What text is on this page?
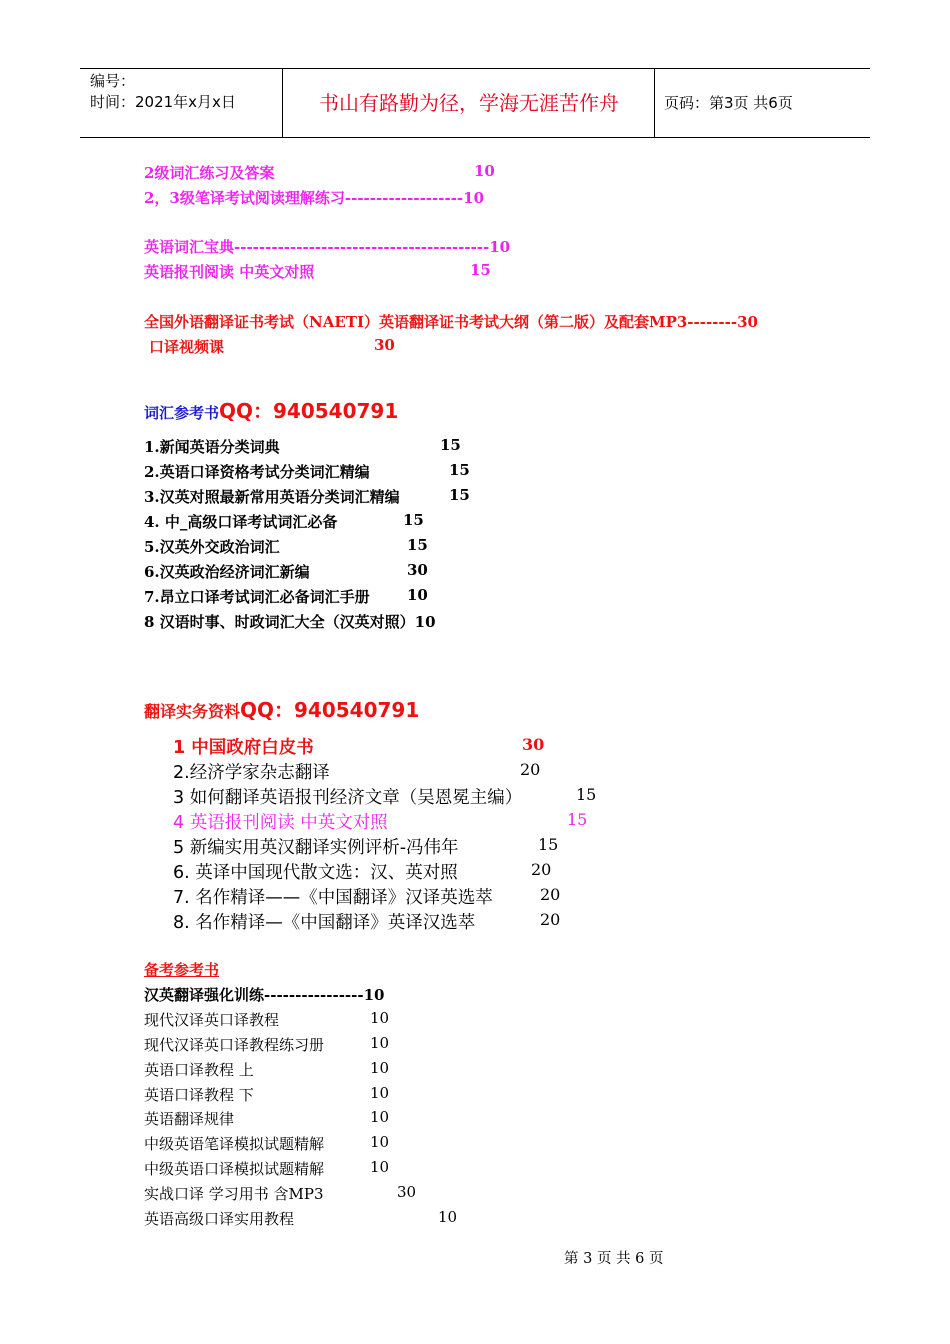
编号：
时间：2021年x月x日	书山有路勤为径，学海无涯苦作舟	页码：第3页 共6页
2级词汇练习及答案	10
2，3级笔译考试阅读理解练习-------------------10
英语词汇宝典-----------------------------------------10
英语报刊阅读 中英文对照	15
全国外语翻译证书考试（NAETI）英语翻译证书考试大纲（第二版）及配套MP3--------30
口译视频课	30
词汇参考书QQ：940540791
1.新闻英语分类词典	15
2.英语口译资格考试分类词汇精编	15
3.汉英对照最新常用英语分类词汇精编	15
4. 中_高级口译考试词汇必备	15
5.汉英外交政治词汇	15
6.汉英政治经济词汇新编	30
7.昂立口译考试词汇必备词汇手册 10
8 汉语时事、时政词汇大全（汉英对照）10
翻译实务资料QQ：940540791
1 中国政府白皮书	30
2.经济学家杂志翻译	20
3 如何翻译英语报刊经济文章（吴恩冕主编）	15
4 英语报刊阅读 中英文对照	15
5 新编实用英汉翻译实例评析-冯伟年	15
6. 英译中国现代散文选：汉、英对照	20
7. 名作精译——《中国翻译》汉译英选萃	20
8. 名作精译—《中国翻译》英译汉选萃	20
备考参考书
汉英翻译强化训练----------------10
现代汉译英口译教程	10
现代汉译英口译教程练习册	10
英语口译教程 上	10
英语口译教程 下	10
英语翻译规律	10
中级英语笔译模拟试题精解	10
中级英语口译模拟试题精解	10
实战口译 学习用书 含MP3	30
英语高级口译实用教程	10
第 3 页 共 6 页
